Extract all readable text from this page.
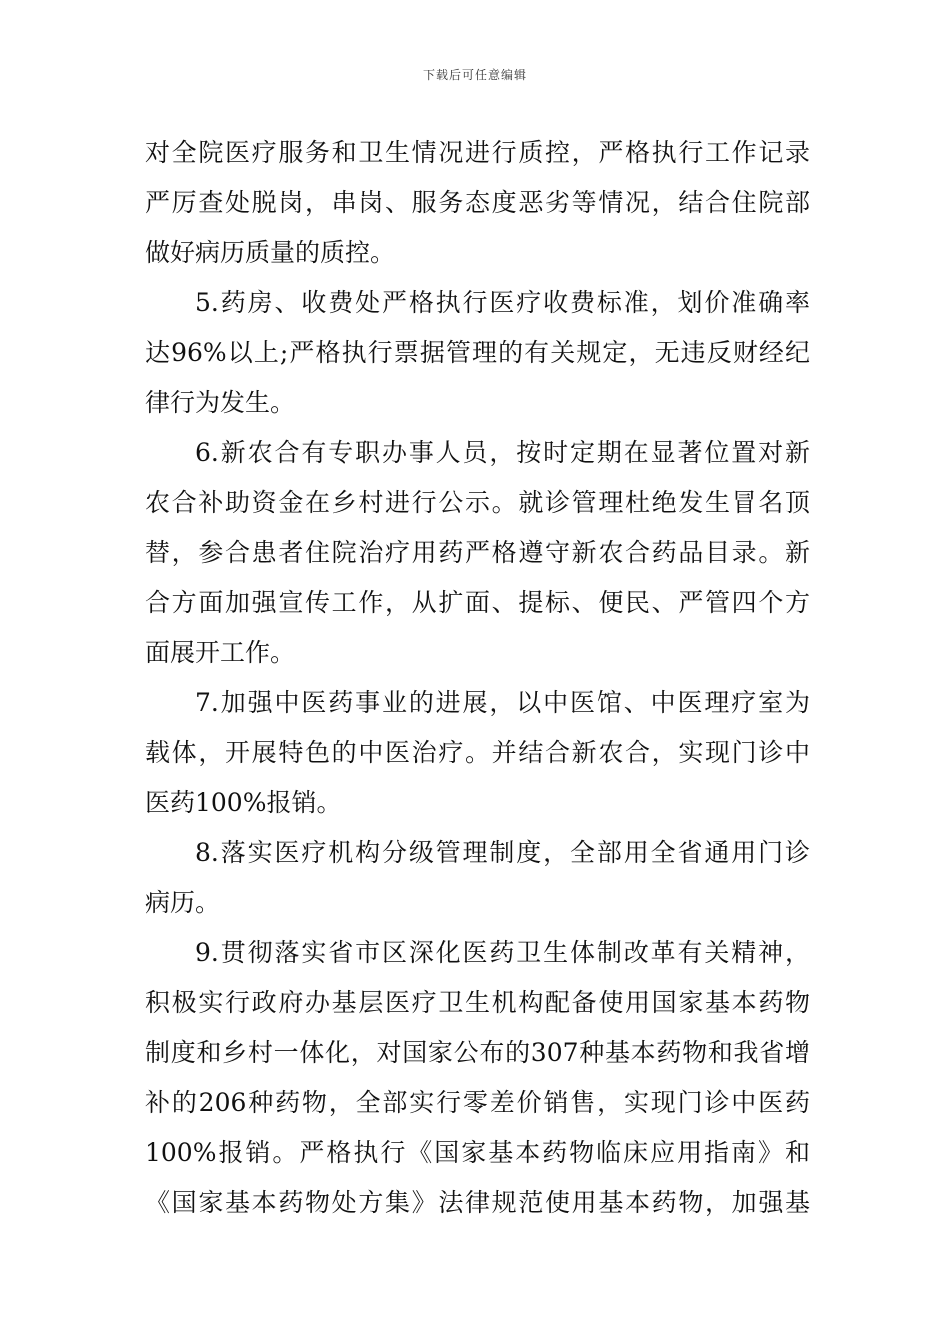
下载后可任意编辑
对全院医疗服务和卫生情况进行质控，严格执行工作记录
严厉查处脱岗，串岗、服务态度恶劣等情况，结合住院部
做好病历质量的质控。
5.药房、收费处严格执行医疗收费标准，划价准确率
达96%以上;严格执行票据管理的有关规定，无违反财经纪
律行为发生。
6.新农合有专职办事人员，按时定期在显著位置对新
农合补助资金在乡村进行公示。就诊管理杜绝发生冒名顶
替，参合患者住院治疗用药严格遵守新农合药品目录。新
合方面加强宣传工作，从扩面、提标、便民、严管四个方
面展开工作。
7.加强中医药事业的进展，以中医馆、中医理疗室为
载体，开展特色的中医治疗。并结合新农合，实现门诊中
医药100%报销。
8.落实医疗机构分级管理制度，全部用全省通用门诊
病历。
9.贯彻落实省市区深化医药卫生体制改革有关精神，
积极实行政府办基层医疗卫生机构配备使用国家基本药物
制度和乡村一体化，对国家公布的307种基本药物和我省增
补的206种药物，全部实行零差价销售，实现门诊中医药
100%报销。严格执行《国家基本药物临床应用指南》和
《国家基本药物处方集》法律规范使用基本药物，加强基
